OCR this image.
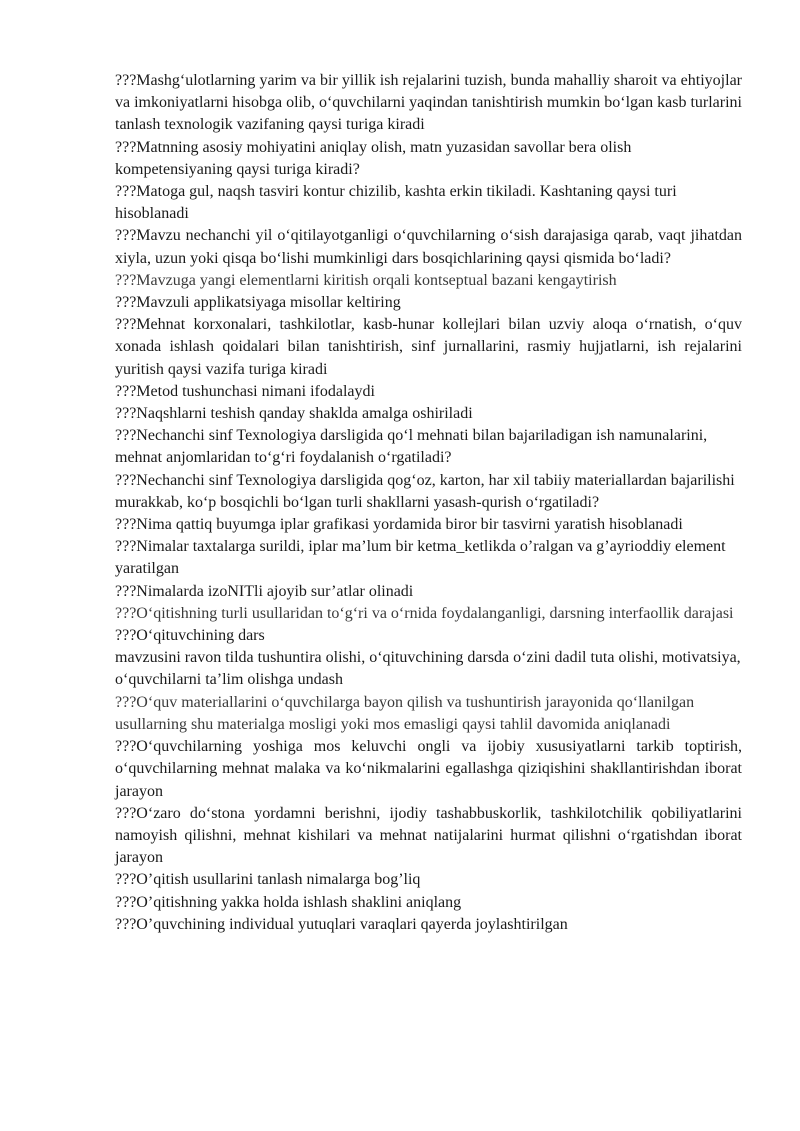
???Mashg‘ulotlarning yarim va bir yillik ish rejalarini tuzish, bunda mahalliy sharoit va ehtiyojlar va imkoniyatlarni hisobga olib, o‘quvchilarni yaqindan tanishtirish mumkin bo‘lgan kasb turlarini tanlash texnologik vazifaning qaysi turiga kiradi

???Matnning asosiy mohiyatini aniqlay olish, matn yuzasidan savollar bera olish kompetensiyaning qaysi turiga kiradi?

???Matoga gul, naqsh tasviri kontur chizilib, kashta erkin tikiladi. Kashtaning qaysi turi hisoblanadi

???Mavzu nechanchi yil o‘qitilayotganligi o‘quvchilarning o‘sish darajasiga qarab, vaqt jihatdan xiyla, uzun yoki qisqa bo‘lishi mumkinligi dars bosqichlarining qaysi qismida bo‘ladi?

???Mavzuga yangi elementlarni kiritish orqali kontseptual bazani kengaytirish

???Mavzuli applikatsiyaga misollar keltiring

???Mehnat korxonalari, tashkilotlar, kasb-hunar kollejlari bilan uzviy aloqa o‘rnatish, o‘quv xonada ishlash qoidalari bilan tanishtirish, sinf jurnallarini, rasmiy hujjatlarni, ish rejalarini yuritish qaysi vazifa turiga kiradi

???Metod tushunchasi nimani ifodalaydi

???Naqshlarni teshish qanday shaklda amalga oshiriladi

???Nechanchi sinf Texnologiya darsligida qo‘l mehnati bilan bajariladigan ish namunalarini, mehnat anjomlaridan to‘g‘ri foydalanish o‘rgatiladi?

???Nechanchi sinf Texnologiya darsligida qog‘oz, karton, har xil tabiiy materiallardan bajarilishi murakkab, ko‘p bosqichli bo‘lgan turli shakllarni yasash-qurish o‘rgatiladi?

???Nima qattiq buyumga iplar grafikasi yordamida biror bir tasvirni yaratish hisoblanadi

???Nimalar taxtalarga surildi, iplar ma’lum bir ketma_ketlikda o’ralgan va g’ayrioddiy element yaratilgan

???Nimalarda izoNITli ajoyib sur’atlar olinadi

???O‘qitishning turli usullaridan to‘g‘ri va o‘rnida foydalanganligi, darsning interfaollik darajasi

???O‘qituvchining dars

mavzusini ravon tilda tushuntira olishi, o‘qituvchining darsda o‘zini dadil tuta olishi, motivatsiya, o‘quvchilarni ta’lim olishga undash

???O‘quv materiallarini o‘quvchilarga bayon qilish va tushuntirish jarayonida qo‘llanilgan usullarning shu materialga mosligi yoki mos emasligi qaysi tahlil davomida aniqlanadi

???O‘quvchilarning yoshiga mos keluvchi ongli va ijobiy xususiyatlarni tarkib toptirish, o‘quvchilarning mehnat malaka va ko‘nikmalarini egallashga qiziqishini shakllantirishdan iborat jarayon

???O‘zaro do‘stona yordamni berishni, ijodiy tashabbuskorlik, tashkilotchilik qobiliyatlarini namoyish qilishni, mehnat kishilari va mehnat natijalarini hurmat qilishni o‘rgatishdan iborat jarayon

???O’qitish usullarini tanlash nimalarga bog’liq

???O’qitishning yakka holda ishlash shaklini aniqlang

???O’quvchining individual yutuqlari varaqlari qayerda joylashtirilgan
